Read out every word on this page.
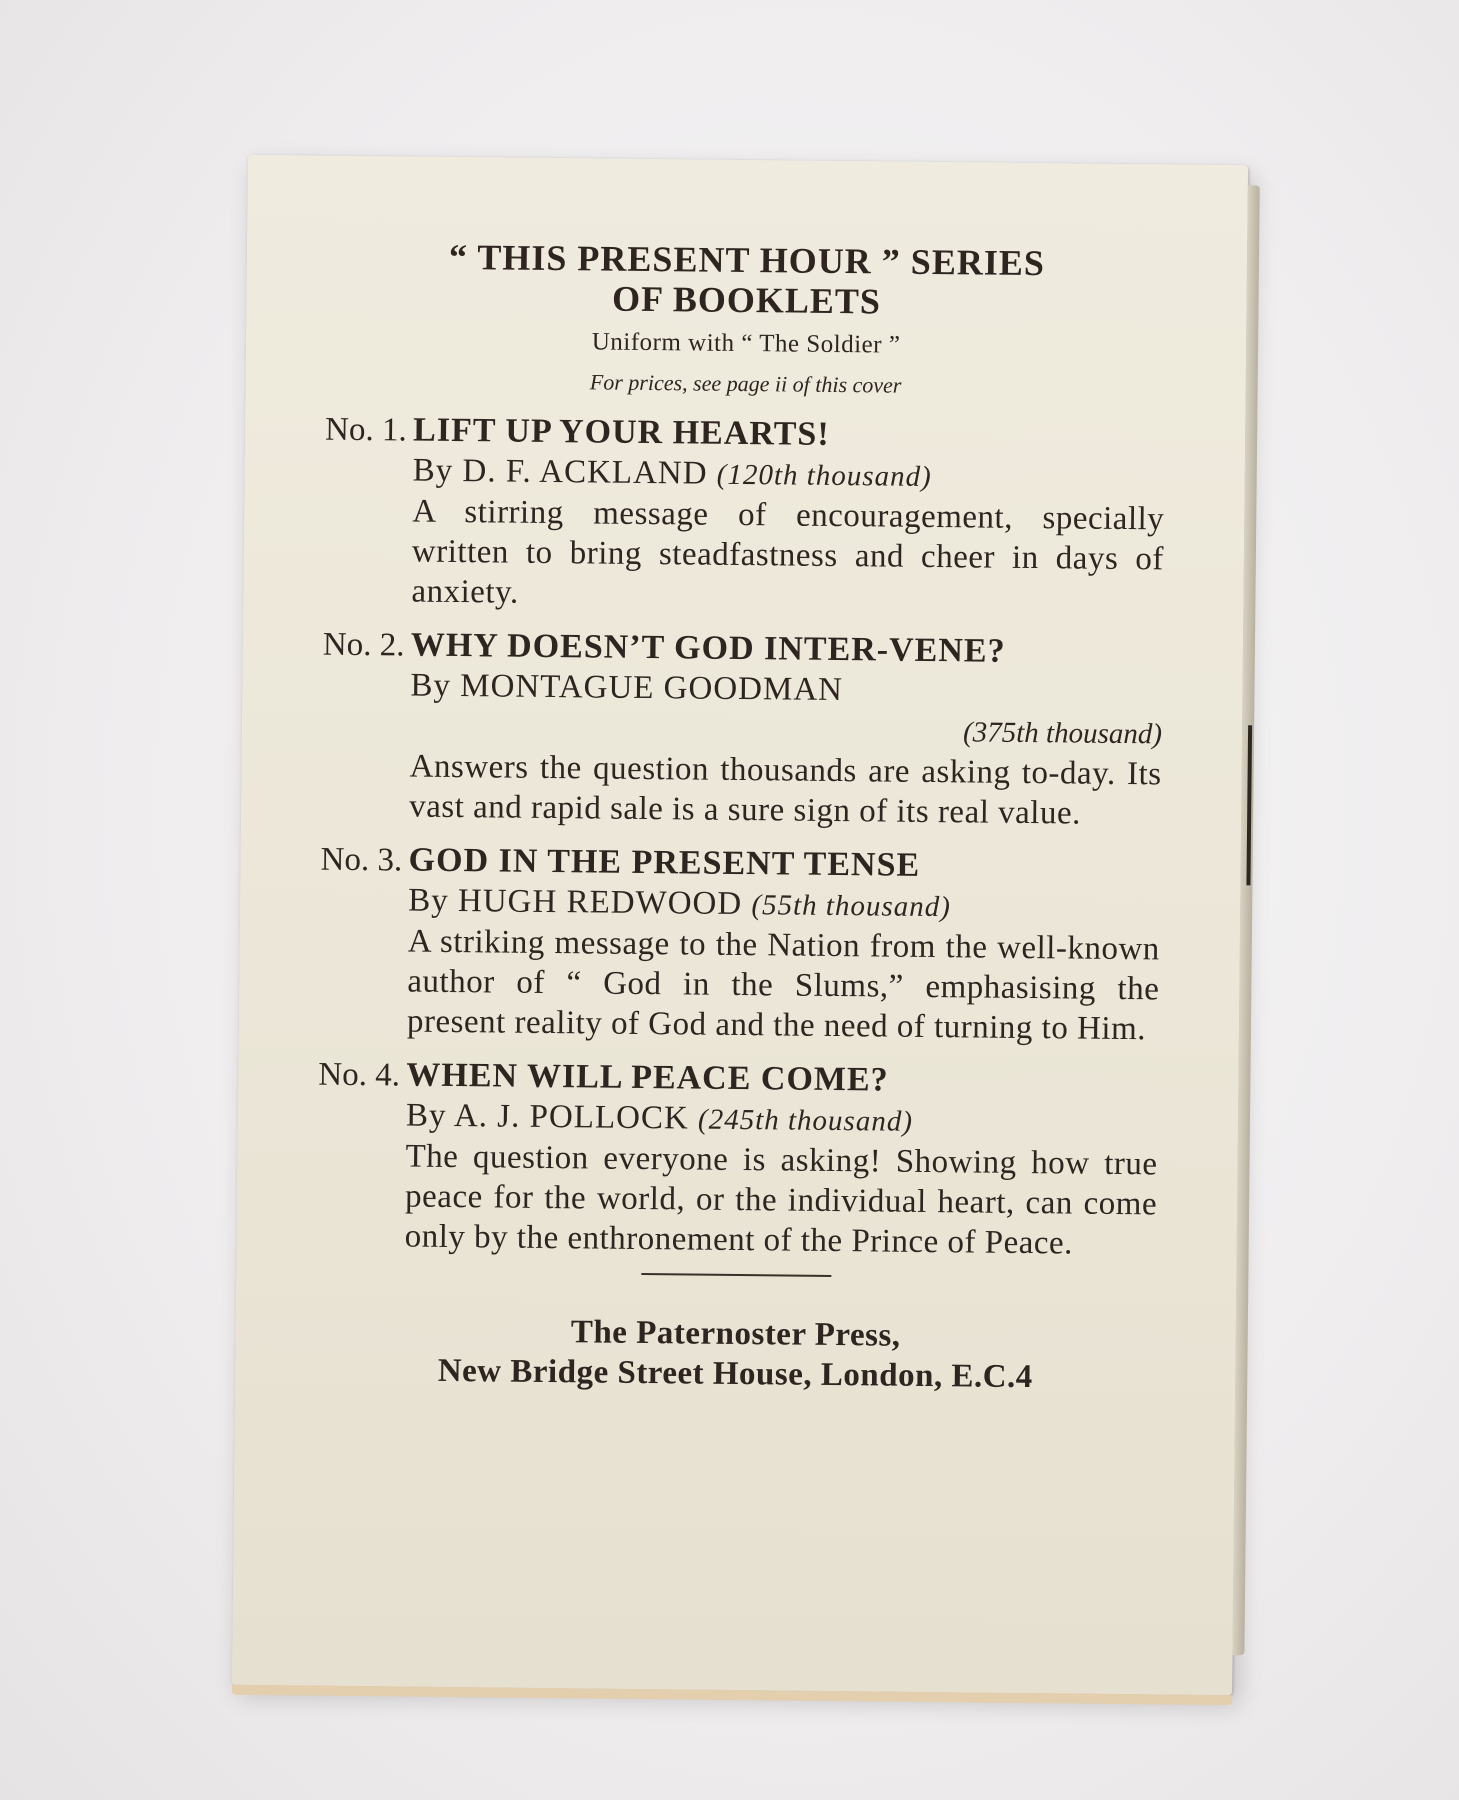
“ THIS PRESENT HOUR ” SERIES
OF BOOKLETS
Uniform with “ The Soldier ”
For prices, see page ii of this cover
No. 1. LIFT UP YOUR HEARTS!
By D. F. ACKLAND (120th thousand)
A stirring message of encouragement, specially written to bring steadfastness and cheer in days of anxiety.
No. 2. WHY DOESN’T GOD INTER-VENE?
By MONTAGUE GOODMAN
(375th thousand)
Answers the question thousands are asking to-day. Its vast and rapid sale is a sure sign of its real value.
No. 3. GOD IN THE PRESENT TENSE
By HUGH REDWOOD (55th thousand)
A striking message to the Nation from the well-known author of “ God in the Slums,” emphasising the present reality of God and the need of turning to Him.
No. 4. WHEN WILL PEACE COME?
By A. J. POLLOCK (245th thousand)
The question everyone is asking! Showing how true peace for the world, or the individual heart, can come only by the enthronement of the Prince of Peace.
The Paternoster Press,
New Bridge Street House, London, E.C.4
